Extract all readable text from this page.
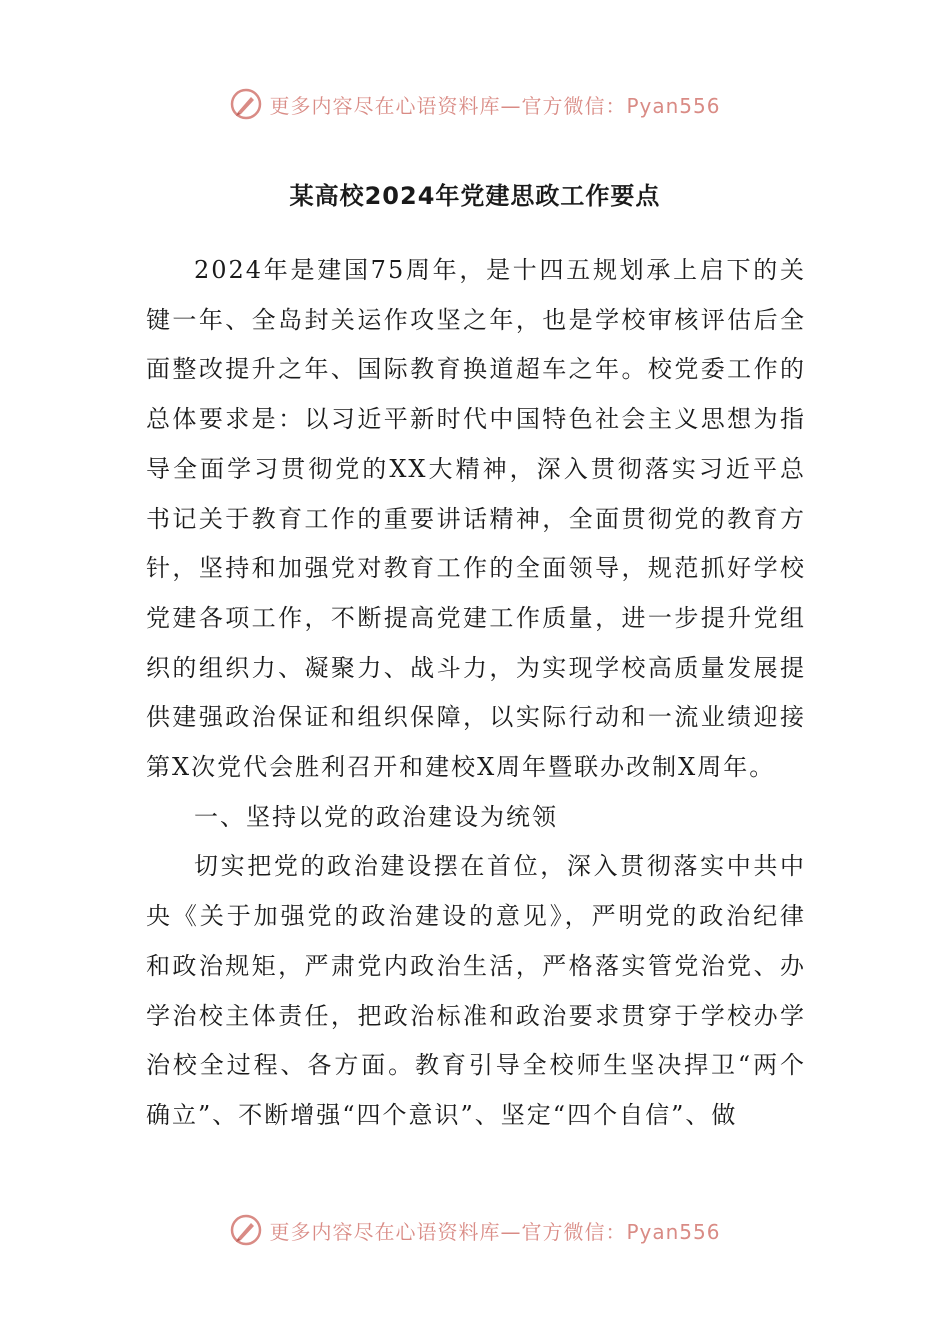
更多内容尽在心语资料库—官方微信：Pyan556
某高校2024年党建思政工作要点

2024年是建国75周年，是十四五规划承上启下的关键一年、全岛封关运作攻坚之年，也是学校审核评估后全面整改提升之年、国际教育换道超车之年。校党委工作的总体要求是：以习近平新时代中国特色社会主义思想为指导全面学习贯彻党的XX大精神，深入贯彻落实习近平总书记关于教育工作的重要讲话精神，全面贯彻党的教育方针，坚持和加强党对教育工作的全面领导，规范抓好学校党建各项工作，不断提高党建工作质量，进一步提升党组织的组织力、凝聚力、战斗力，为实现学校高质量发展提供建强政治保证和组织保障，以实际行动和一流业绩迎接第X次党代会胜利召开和建校X周年暨联办改制X周年。

一、坚持以党的政治建设为统领

切实把党的政治建设摆在首位，深入贯彻落实中共中央《关于加强党的政治建设的意见》，严明党的政治纪律和政治规矩，严肃党内政治生活，严格落实管党治党、办学治校主体责任，把政治标准和政治要求贯穿于学校办学治校全过程、各方面。教育引导全校师生坚决捍卫“两个确立”、不断增强“四个意识”、坚定“四个自信”、做

更多内容尽在心语资料库—官方微信：Pyan556
